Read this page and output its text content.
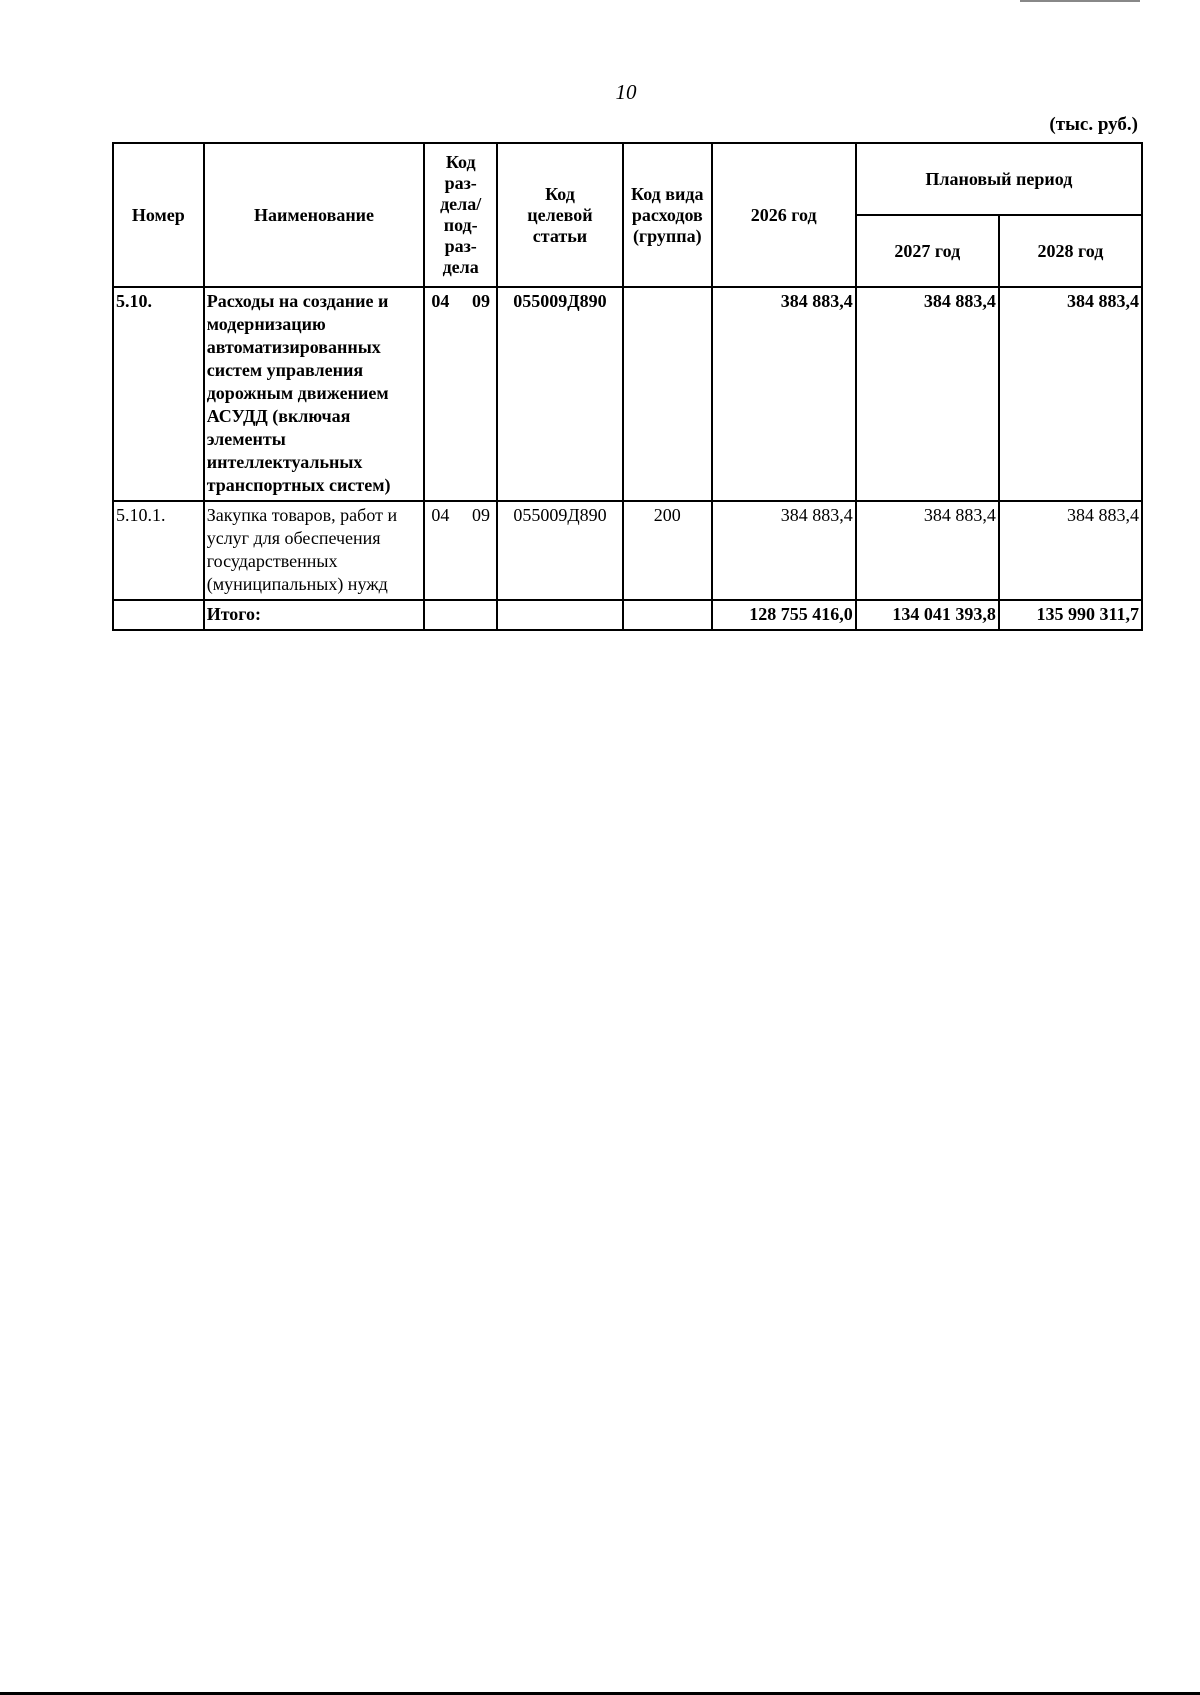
10
(тыс. руб.)
Номер	Наименование	Код раз-дела/ под-раз-дела	Код целевой статьи	Код вида расходов (группа)	2026 год	Плановый период	
						2027 год	2028 год
5.10.	Расходы на создание и модернизацию автоматизированных систем управления дорожным движением АСУДД (включая элементы интеллектуальных транспортных систем)	04 09	055009Д890		384 883,4	384 883,4	384 883,4
5.10.1.	Закупка товаров, работ и услуг для обеспечения государственных (муниципальных) нужд	04 09	055009Д890	200	384 883,4	384 883,4	384 883,4
	Итого:				128 755 416,0	134 041 393,8	135 990 311,7
